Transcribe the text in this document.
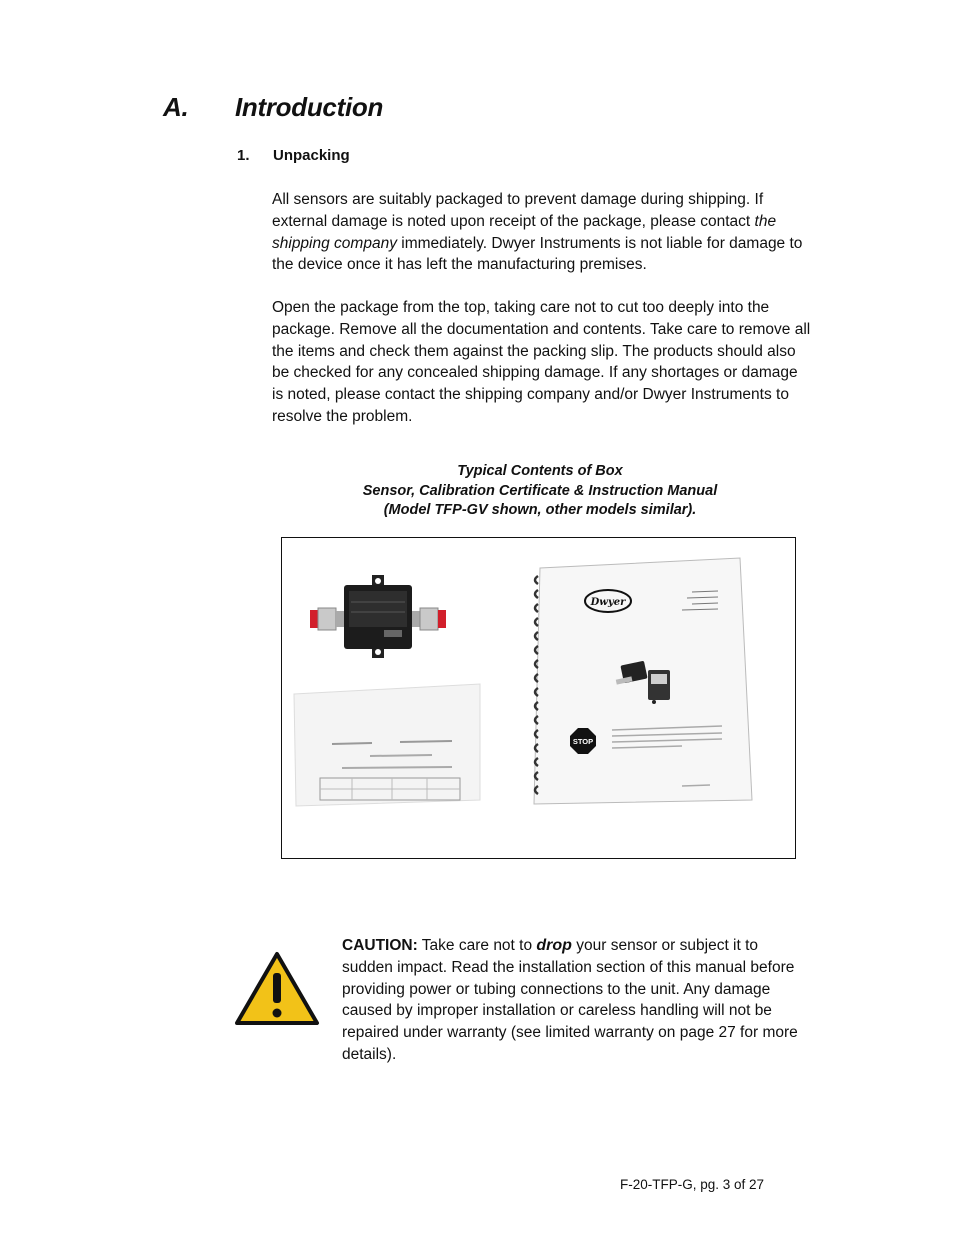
A. Introduction
1. Unpacking
All sensors are suitably packaged to prevent damage during shipping. If external damage is noted upon receipt of the package, please contact the shipping company immediately. Dwyer Instruments is not liable for damage to the device once it has left the manufacturing premises.
Open the package from the top, taking care not to cut too deeply into the package. Remove all the documentation and contents. Take care to remove all the items and check them against the packing slip. The products should also be checked for any concealed shipping damage. If any shortages or damage is noted, please contact the shipping company and/or Dwyer Instruments to resolve the problem.
Typical Contents of Box
Sensor, Calibration Certificate & Instruction Manual
(Model TFP-GV shown, other models similar).
Dwyer
STOP
CAUTION: Take care not to drop your sensor or subject it to sudden impact. Read the installation section of this manual before providing power or tubing connections to the unit. Any damage caused by improper installation or careless handling will not be repaired under warranty (see limited warranty on page 27 for more details).
F-20-TFP-G, pg. 3 of 27
